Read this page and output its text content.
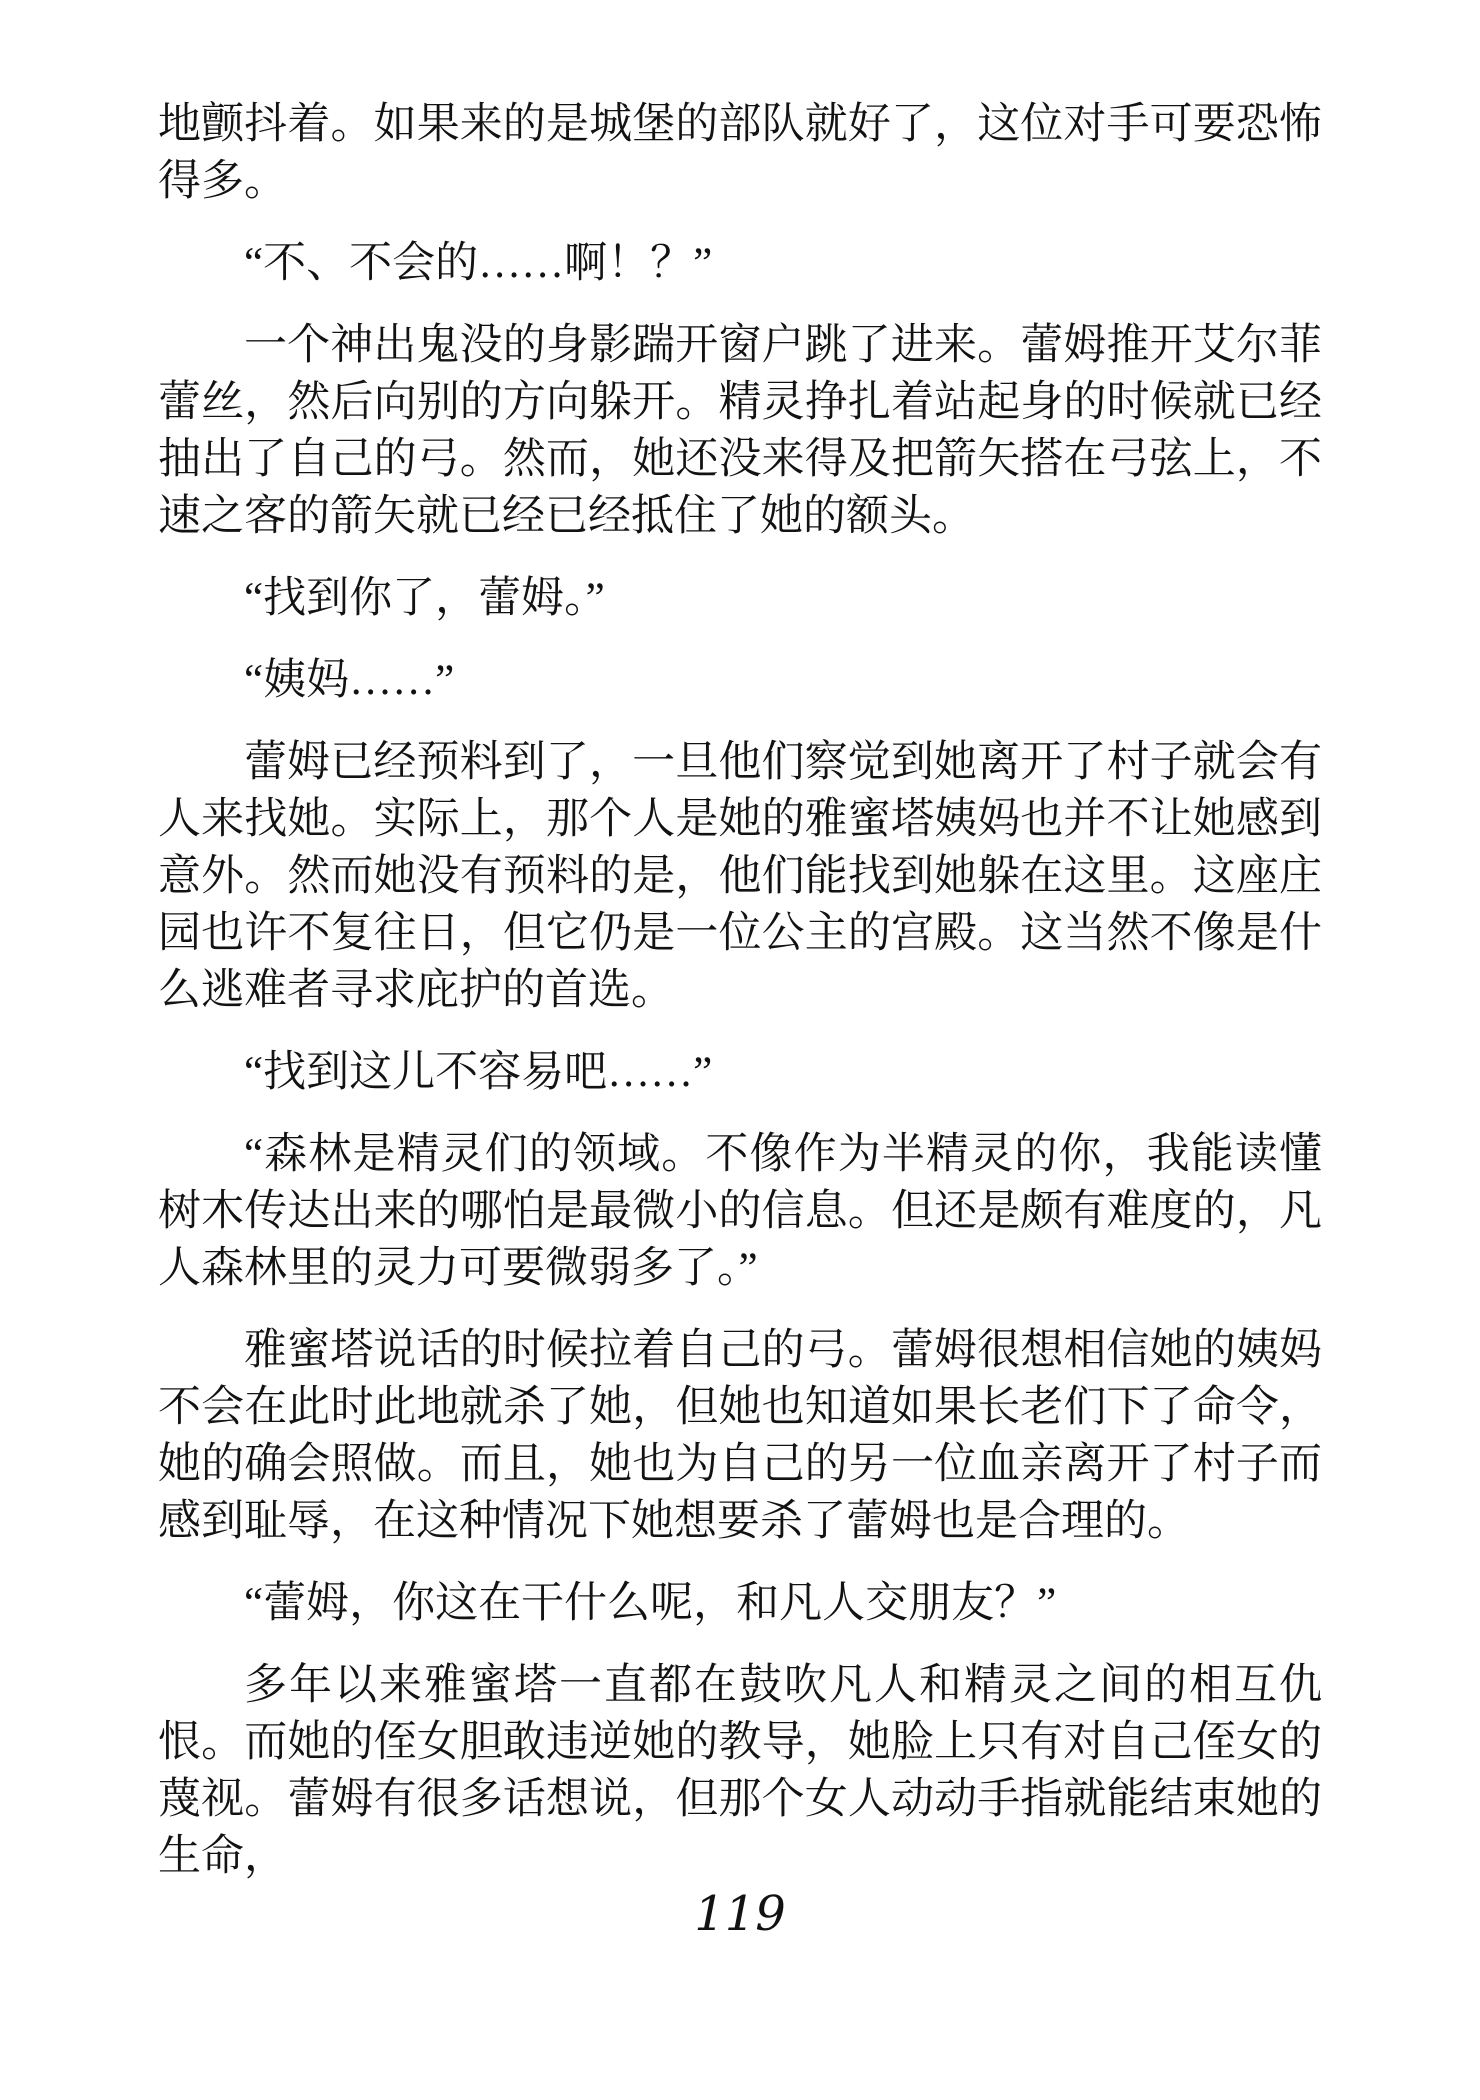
地颤抖着。如果来的是城堡的部队就好了，这位对手可要恐怖得多。

“不、不会的……啊！？”

一个神出鬼没的身影踹开窗户跳了进来。蕾姆推开艾尔菲蕾丝，然后向别的方向躲开。精灵挣扎着站起身的时候就已经抽出了自己的弓。然而，她还没来得及把箭矢搭在弓弦上，不速之客的箭矢就已经已经抵住了她的额头。

“找到你了，蕾姆。”

“姨妈……”

蕾姆已经预料到了，一旦他们察觉到她离开了村子就会有人来找她。实际上，那个人是她的雅蜜塔姨妈也并不让她感到意外。然而她没有预料的是，他们能找到她躲在这里。这座庄园也许不复往日，但它仍是一位公主的宫殿。这当然不像是什么逃难者寻求庇护的首选。

“找到这儿不容易吧……”

“森林是精灵们的领域。不像作为半精灵的你，我能读懂树木传达出来的哪怕是最微小的信息。但还是颇有难度的，凡人森林里的灵力可要微弱多了。”

雅蜜塔说话的时候拉着自己的弓。蕾姆很想相信她的姨妈不会在此时此地就杀了她，但她也知道如果长老们下了命令，她的确会照做。而且，她也为自己的另一位血亲离开了村子而感到耻辱，在这种情况下她想要杀了蕾姆也是合理的。

“蕾姆，你这在干什么呢，和凡人交朋友？”

多年以来雅蜜塔一直都在鼓吹凡人和精灵之间的相互仇恨。而她的侄女胆敢违逆她的教导，她脸上只有对自己侄女的蔑视。蕾姆有很多话想说，但那个女人动动手指就能结束她的生命，

119
